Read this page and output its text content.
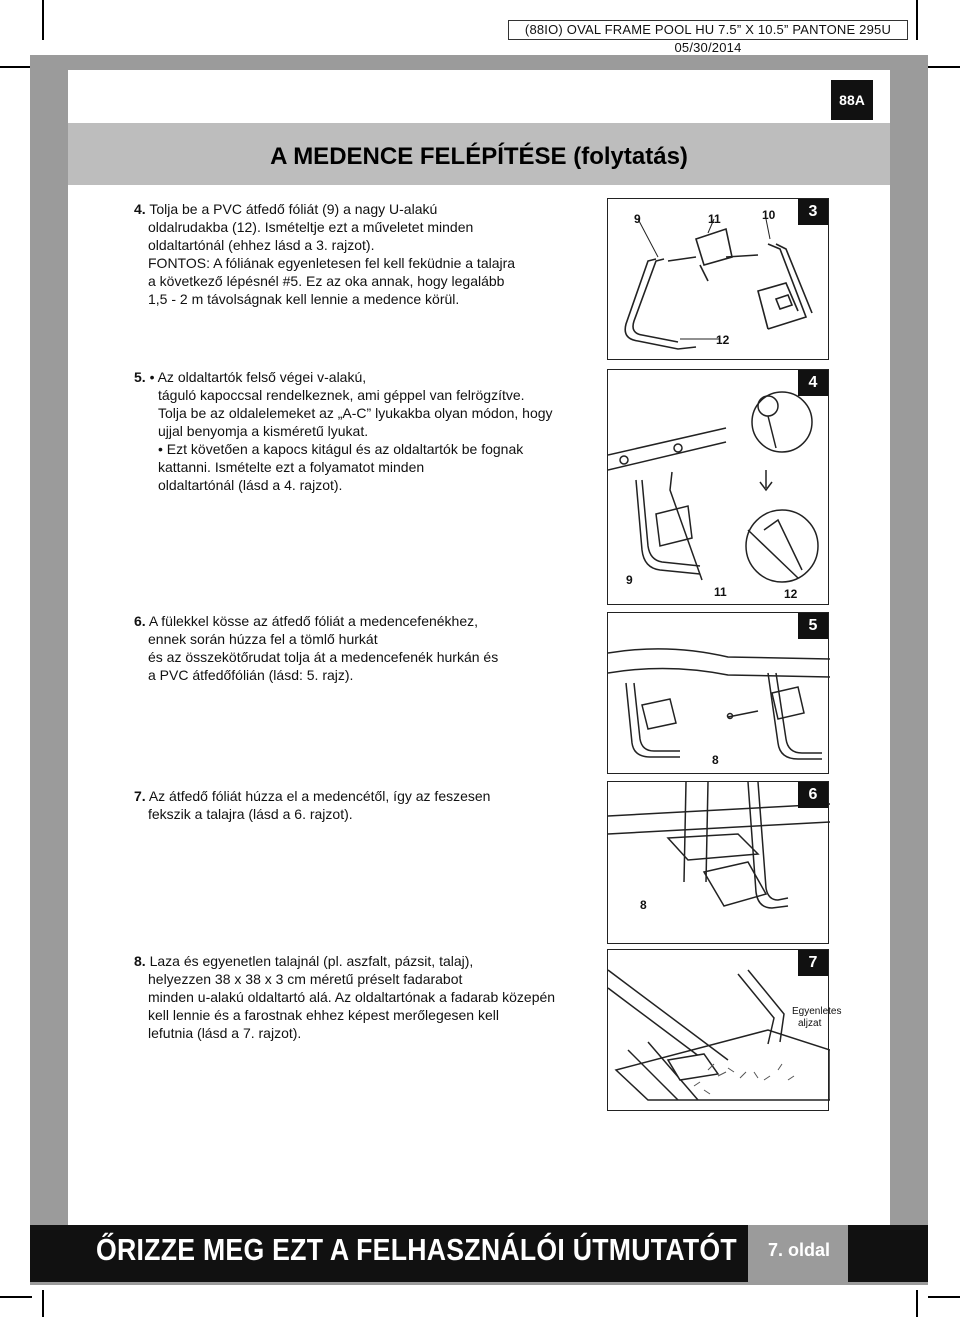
(88IO) OVAL FRAME POOL HU 7.5” X 10.5” PANTONE 295U 05/30/2014
Magyar	88A
A MEDENCE FELÉPÍTÉSE (folytatás)

4. Tolja be a PVC átfedő fóliát (9) a nagy U-alakú

oldalrudakba (12). Ismételtje ezt a műveletet minden

oldaltartónál (ehhez lásd a 3. rajzot).

FONTOS: A fóliának egyenletesen fel kell feküdnie a talajra

a következő lépésnél #5. Ez az oka annak, hogy legalább

1,5 - 2 m távolságnak kell lennie a medence körül.

5. • Az oldaltartók felső végei v-alakú,

táguló kapoccsal rendelkeznek, ami géppel van felrögzítve.

Tolja be az oldalelemeket az „A-C” lyukakba olyan módon, hogy

ujjal benyomja a kisméretű lyukat.

• Ezt követően a kapocs kitágul és az oldaltartók be fognak

kattanni. Ismételte ezt a folyamatot minden

oldaltartónál (lásd a 4. rajzot).

6. A fülekkel kösse az átfedő fóliát a medencefenékhez,

ennek során húzza fel a tömlő hurkát

és az összekötőrudat tolja át a medencefenék hurkán és

a PVC átfedőfólián (lásd: 5. rajz).

7. Az átfedő fóliát húzza el a medencétől, így az feszesen

fekszik a talajra (lásd a 6. rajzot).

8. Laza és egyenetlen talajnál (pl. aszfalt, pázsit, talaj),

helyezzen 38 x 38 x 3 cm méretű préselt fadarabot

minden u-alakú oldaltartó alá. Az oldaltartónak a fadarab közepén

kell lennie és a farostnak ehhez képest merőlegesen kell

lefutnia (lásd a 7. rajzot).

9	11	10
12
3
9
11	12
4
8
5
8
6
Egyenletes
aljzat
7
ŐRIZZE MEG EZT A FELHASZNÁLÓI ÚTMUTATÓT 7. oldal
